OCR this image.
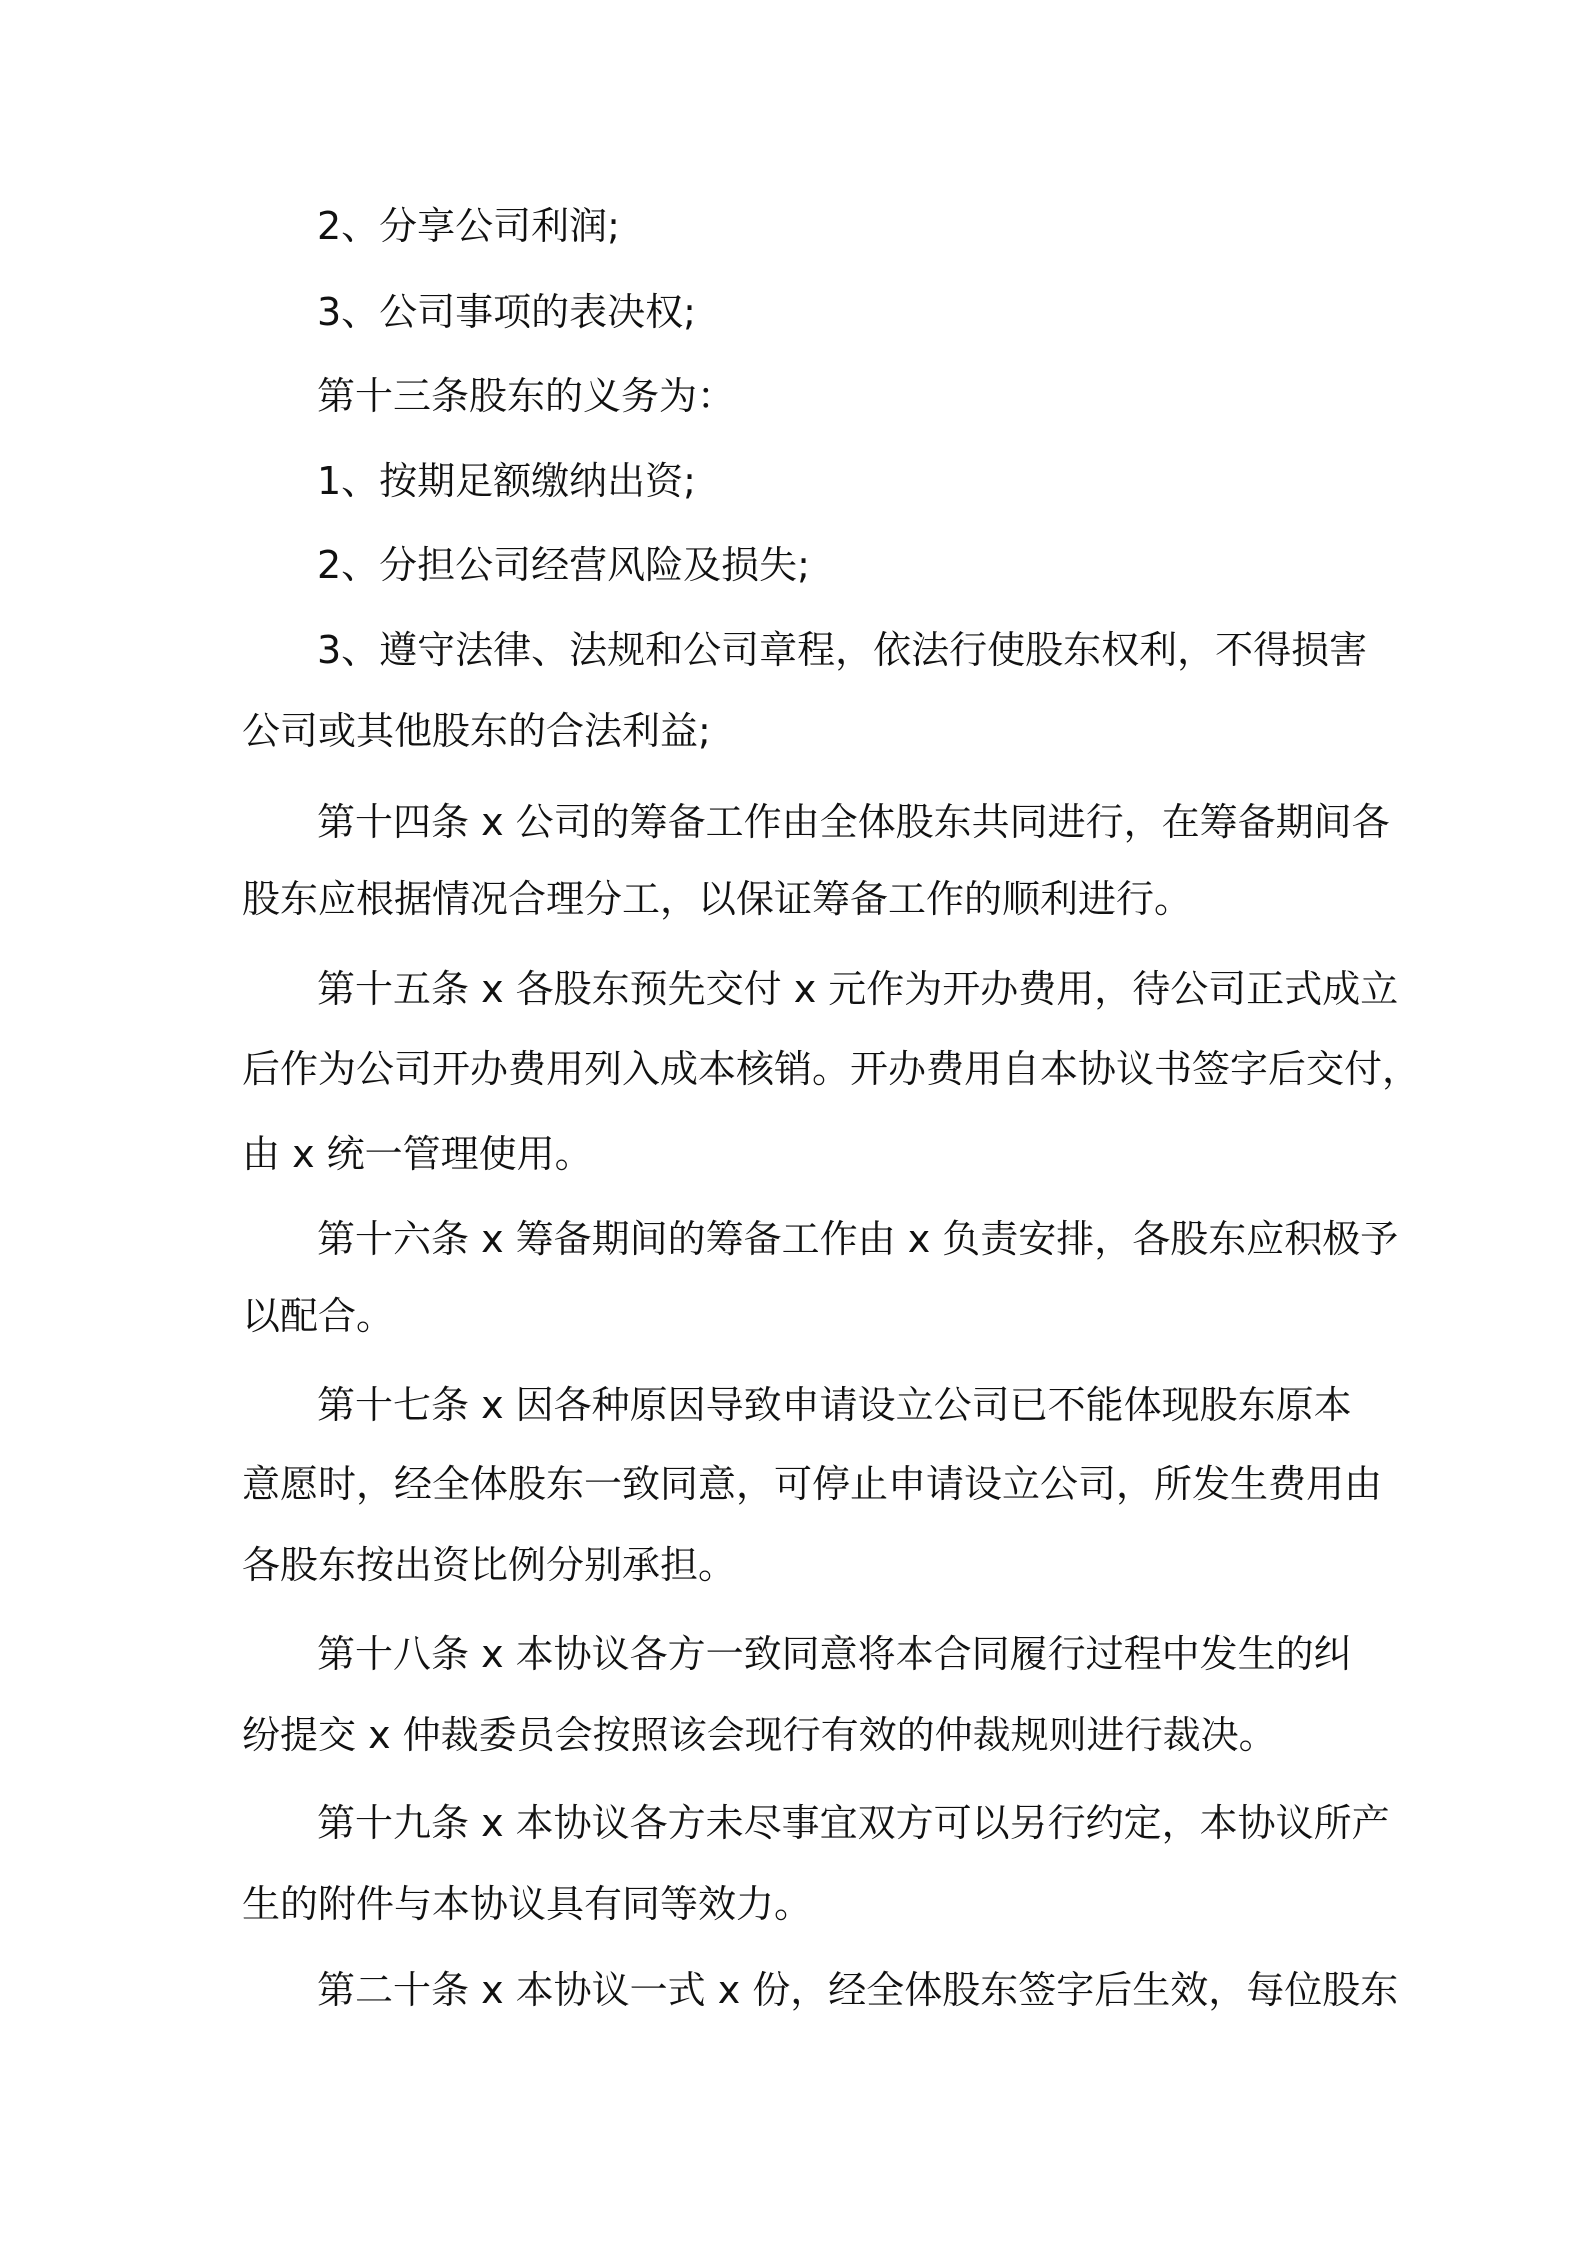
2、分享公司利润;
3、公司事项的表决权;
第十三条股东的义务为：
1、按期足额缴纳出资;
2、分担公司经营风险及损失;
3、遵守法律、法规和公司章程，依法行使股东权利，不得损害
公司或其他股东的合法利益;
第十四条 x 公司的筹备工作由全体股东共同进行，在筹备期间各
股东应根据情况合理分工，以保证筹备工作的顺利进行。
第十五条 x 各股东预先交付 x 元作为开办费用，待公司正式成立
后作为公司开办费用列入成本核销。开办费用自本协议书签字后交付，
由 x 统一管理使用。
第十六条 x 筹备期间的筹备工作由 x 负责安排，各股东应积极予
以配合。
第十七条 x 因各种原因导致申请设立公司已不能体现股东原本
意愿时，经全体股东一致同意，可停止申请设立公司，所发生费用由
各股东按出资比例分别承担。
第十八条 x 本协议各方一致同意将本合同履行过程中发生的纠
纷提交 x 仲裁委员会按照该会现行有效的仲裁规则进行裁决。
第十九条 x 本协议各方未尽事宜双方可以另行约定，本协议所产
生的附件与本协议具有同等效力。
第二十条 x 本协议一式 x 份，经全体股东签字后生效，每位股东
